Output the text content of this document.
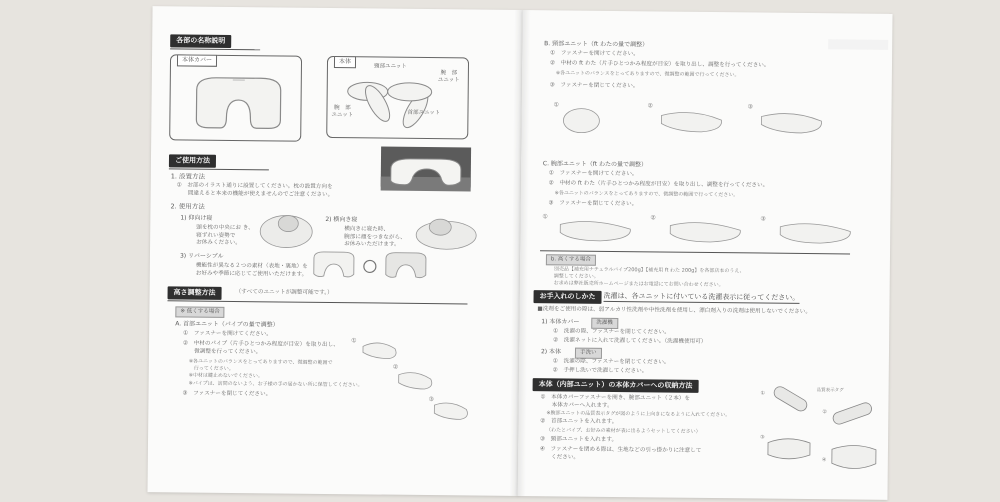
各部の名称説明
本体カバー	本体
頸部ユニット
腕　部
ユニット
腕　部
ユニット	首部ユニット
ご使用方法
1. 設置方法
①　お部のイラスト通りに設置してください。枕の設置方向を
　　間違えると本来の機能が使えませんのでご注意ください。
2. 使用方法
1) 仰向け寝
頭を枕の中央にお き、
寝ずれい姿勢で
お休みください。
2) 横向き寝
横向きに寝た時、
腕部に顔をつきながら、
お休みいただけます。
3) リバーシブル
機能性が異なる２つの素材（表地・裏地）を
お好みや季節に応じてご使用いただけます。
高さ調整方法	（すべてのユニットが調整可能です。）
※ 低くする場合
A. 首部ユニット（パイプの量で調整）
①　ファスナーを開けてください。
②　中材のパイプ（片手ひとつかみ程度が目安）を取り出し、
　　微調整を行ってください。
※各ユニットのバランスをとってありますので、微調整の範囲で
　行ってください。
※中材は鍵止めないでください。
※パイプは、訪問のないよう、お子様の手の届かない所に保管してください。
③　ファスナーを閉じてください。
①
②
③
B. 頸部ユニット（ft わたの量で調整）
①　ファスナーを開けてください。
②　中材の ft わた（片手ひとつかみ程度が目安）を取り出し、調整を行ってください。
※各ユニットのバランスをとってありますので、微調整の範囲で行ってください。
③　ファスナーを閉じてください。
①	②	③
C. 腕部ユニット（ft わたの量で調整）
①　ファスナーを開けてください。
②　中材の ft わた（片手ひとつかみ程度が目安）を取り出し、調整を行ってください。
※各ユニットのバランスをとってありますので、微調整の範囲で行ってください。
③　ファスナーを閉じてください。
①	②	③
b. 高くする場合
別売品【補充用ナチュラルパイプ200g】【補充用 ft わた 200g】を各部店本のうえ、
調整してください。
お求めは弊社販売所ホームページまたはお電話にてお問い合わせください。
お手入れのしかた	洗濯は、各ユニットに付いている洗濯表示に従ってください。
■洗剤をご使用の際は、弱アルカリ性洗剤や中性洗剤を使用し、漂白剤入りの洗剤は使用しないでください。
1) 本体カバー	洗濯機
①　洗濯の際、ファスナーを閉じてください。
②　洗濯ネットに入れて洗濯してください。（洗濯機使用可）
2) 本体	手洗い
①　洗濯の際、ファスナーを閉じてください。
②　手押し洗いで洗濯してください。
本体（内部ユニット）の本体カバーへの収納方法
①　本体カバーファスナーを開き、腕部ユニット（２本）を
　　本体カバーへ入れます。
※腕部ユニットの品質表示タグが図のように上向きになるように入れてください。
②　首部ユニットを入れます。
（わたとパイプ、お好みの素材が表に出るようセットしてください）
③　頸部ユニットを入れます。
④　ファスナーを閉める際は、生地などの引っ掛かりに注意して
　　ください。
①	品質表示タグ
②
③
④
